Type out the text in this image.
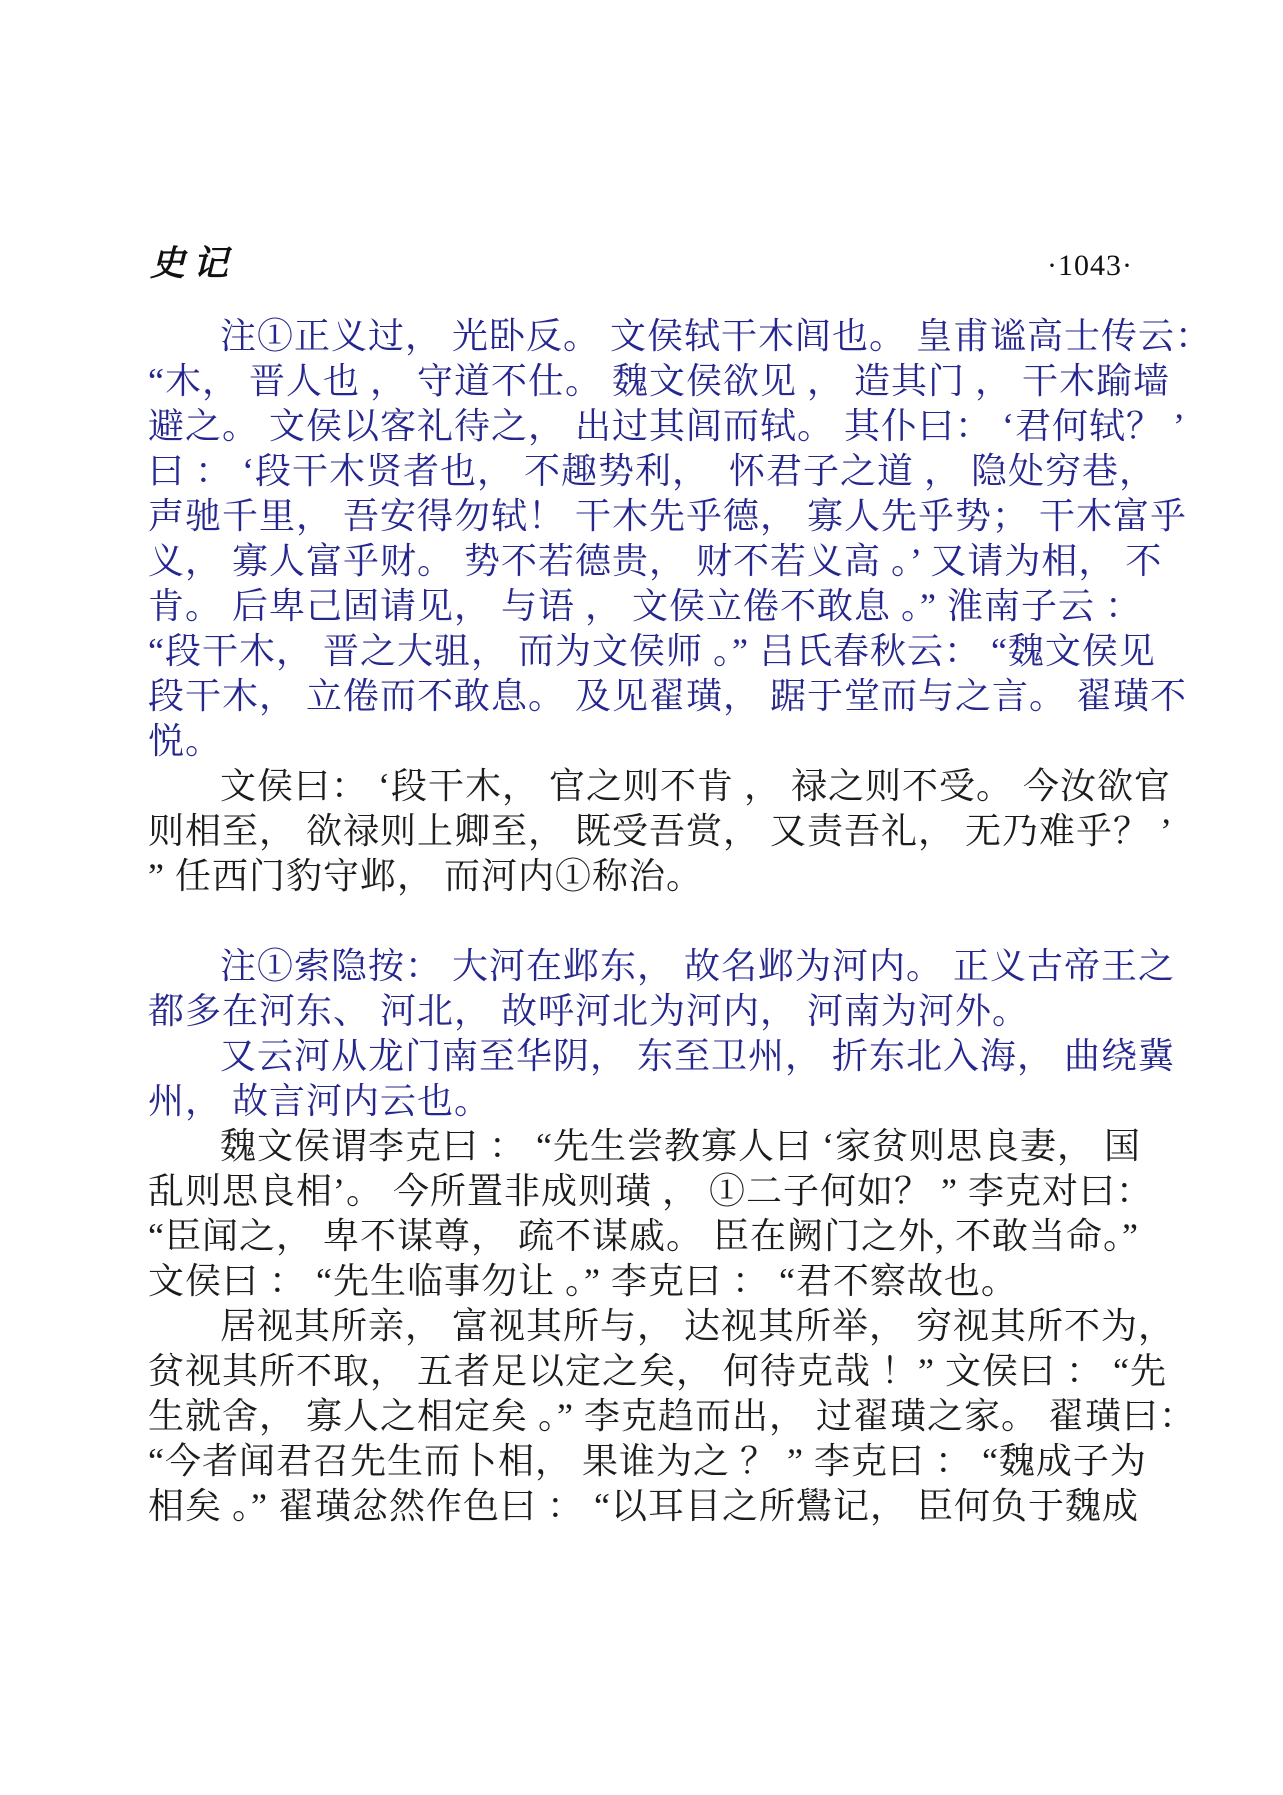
史记	·1043·
注①正义过， 光卧反。 文侯轼干木闾也。 皇甫谧高士传云：
“木， 晋人也 ， 守道不仕。 魏文侯欲见 ， 造其门 ， 干木踰墙
避之。 文侯以客礼待之， 出过其闾而轼。 其仆曰： ‘君何轼？ ’
曰 ： ‘段干木贤者也， 不趣势利，  怀君子之道 ， 隐处穷巷，
声驰千里， 吾安得勿轼！ 干木先乎德， 寡人先乎势； 干木富乎
义， 寡人富乎财。 势不若德贵， 财不若义高 。’ 又请为相， 不
肯。 后卑己固请见， 与语 ， 文侯立倦不敢息 。” 淮南子云 ：
“段干木， 晋之大驵， 而为文侯师 。” 吕氏春秋云： “魏文侯见
段干木， 立倦而不敢息。 及见翟璜， 踞于堂而与之言。 翟璜不
悦。
文侯曰： ‘段干木， 官之则不肯 ， 禄之则不受。 今汝欲官
则相至， 欲禄则上卿至， 既受吾赏， 又责吾礼， 无乃难乎？ ’
” 任西门豹守邺， 而河内①称治。
注①索隐按： 大河在邺东， 故名邺为河内。 正义古帝王之
都多在河东、 河北， 故呼河北为河内， 河南为河外。
又云河从龙门南至华阴， 东至卫州， 折东北入海， 曲绕冀
州， 故言河内云也。
魏文侯谓李克曰 ： “先生尝教寡人曰 ‘家贫则思良妻， 国
乱则思良相’。 今所置非成则璜 ， ①二子何如？ ” 李克对曰：
“臣闻之， 卑不谋尊， 疏不谋戚。 臣在阙门之外, 不敢当命。”
文侯曰 ： “先生临事勿让 。” 李克曰 ： “君不察故也。
居视其所亲， 富视其所与， 达视其所举， 穷视其所不为，
贫视其所不取， 五者足以定之矣， 何待克哉 ！” 文侯曰 ： “先
生就舍， 寡人之相定矣 。” 李克趋而出， 过翟璜之家。 翟璜曰：
“今者闻君召先生而卜相， 果谁为之 ？ ” 李克曰 ： “魏成子为
相矣 。” 翟璜忿然作色曰 ： “以耳目之所鷽记， 臣何负于魏成
